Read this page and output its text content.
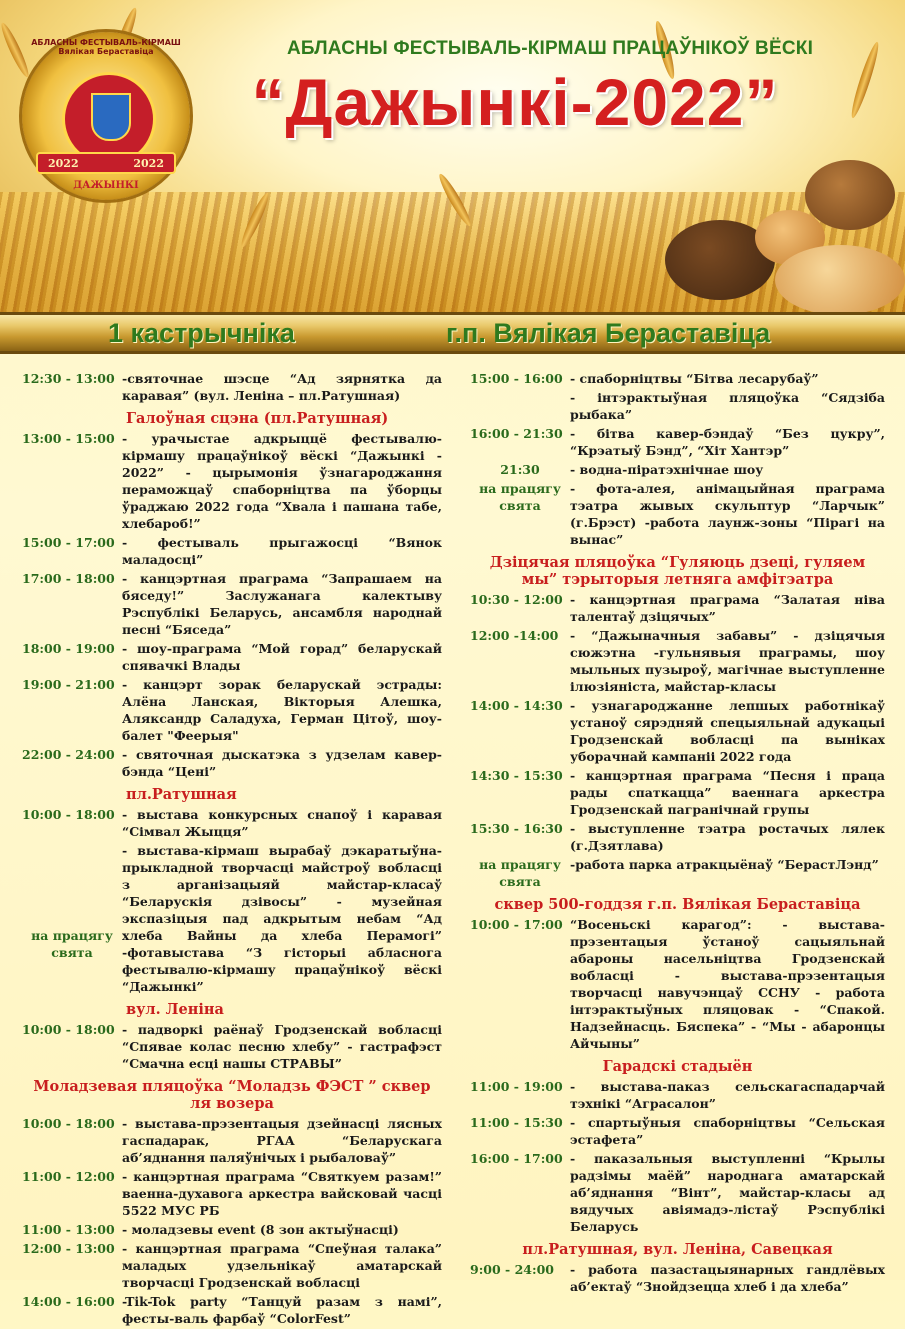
АБЛАСНЫ ФЕСТЫВАЛЬ-КІРМАШ Вялікая Бераставіца
2022	2022
ДАЖЫНКІ
АБЛАСНЫ ФЕСТЫВАЛЬ-КІРМАШ ПРАЦАЎНІКОЎ ВЁСКІ
“Дажынкі-2022”
1 кастрычніка	г.п. Вялікая Бераставіца
12:30 - 13:00 -святочнае шэсце “Ад зярнятка да каравая” (вул. Леніна – пл.Ратушная)
Галоўная сцэна (пл.Ратушная)
13:00 - 15:00 - урачыстае адкрыццё фестывалю-кірмашу працаўнікоў вёскі “Дажынкі - 2022” - цырымонія ўзнагароджання пераможцаў спаборніцтва па ўборцы ўраджаю 2022 года “Хвала і пашана табе, хлебароб!”
15:00 - 17:00 - фестываль прыгажосці “Вянок маладосці”
17:00 - 18:00 - канцэртная праграма “Запрашаем на бяседу!” Заслужанага калектыву Рэспублікі Беларусь, ансамбля народнай песні “Бяседа”
18:00 - 19:00 - шоу-праграма “Мой горад” беларускай спявачкі Влады
19:00 - 21:00 - канцэрт зорак беларускай эстрады: Алёна Ланская, Вікторыя Алешка, Аляксандр Саладуха, Герман Цітоў, шоу-балет "Феерыя"
22:00 - 24:00 - святочная дыскатэка з удзелам кавер-бэнда “Цені”
пл.Ратушная
10:00 - 18:00 - выстава конкурсных снапоў і каравая “Сімвал Жыцця”
на працягу свята
- выстава-кірмаш вырабаў дэкаратыўна-прыкладной творчасці майстроў вобласці з арганізацыяй майстар-класаў “Беларускія дзівосы” - музейная экспазіцыя пад адкрытым небам “Ад хлеба Вайны да хлеба Перамогі” -фотавыстава “З гісторыі абласнога фестывалю-кірмашу працаўнікоў вёскі “Дажынкі”
вул. Леніна
10:00 - 18:00 - падворкі раёнаў Гродзенскай вобласці “Спявае колас песню хлебу” - гастрафэст “Смачна есці нашы СТРАВЫ”
Моладзевая пляцоўка “Моладзь ФЭСТ ” сквер ля возера
10:00 - 18:00 - выстава-прэзентацыя дзейнасці лясных гаспадарак, РГАА “Беларускага аб’яднання паляўнічых і рыбаловаў”
11:00 - 12:00 - канцэртная праграма “Святкуем разам!” ваенна-духавога аркестра вайсковай часці 5522 МУС РБ
11:00 - 13:00 - моладзевы event (8 зон актыўнасці)
12:00 - 13:00 - канцэртная праграма “Спеўная талака” маладых удзельнікаў аматарскай творчасці Гродзенскай вобласці
14:00 - 16:00 -Tik-Tok party “Танцуй разам з намі”, фесты-валь фарбаў “ColorFest”
15:00 - 16:00 - спаборніцтвы “Бітва лесарубаў”
- інтэрактыўная пляцоўка “Сядзіба рыбака”
16:00 - 21:30 - бітва кавер-бэндаў “Без цукру”, “Крэатыў Бэнд”, “Хіт Хантэр”
21:30	- водна-піратэхнічнае шоу
на працягу свята
- фота-алея, анімацыйная праграма тэатра жывых скульптур “Ларчык” (г.Брэст) -работа лаунж-зоны “Пірагі на вынас”
Дзіцячая пляцоўка “Гуляюць дзеці, гуляем мы” тэрыторыя летняга амфітэатра
10:30 - 12:00 - канцэртная праграма “Залатая ніва талентаў дзіцячых”
12:00 -14:00 - “Дажыначныя забавы” - дзіцячыя сюжэтна -гульнявыя праграмы, шоу мыльных пузыроў, магічнае выступленне ілюзіяніста, майстар-класы
14:00 - 14:30 - узнагароджанне лепшых работнікаў устаноў сярэдняй спецыяльнай адукацыі Гродзенскай вобласці па выніках уборачнай кампаніі 2022 года
14:30 - 15:30 - канцэртная праграма “Песня і праца рады спаткацца” ваеннага аркестра Гродзенскай пагранічнай групы
15:30 - 16:30 - выступленне тэатра ростачых лялек (г.Дзятлава)
на працягу свята
-работа парка атракцыёнаў “БерастЛэнд”
сквер 500-годдзя г.п. Вялікая Бераставіца
10:00 - 17:00 “Восеньскі карагод”: - выстава-прэзентацыя ўстаноў сацыяльнай абароны насельніцтва Гродзенскай вобласці - выстава-прэзентацыя творчасці навучэнцаў ССНУ - работа інтэрактыўных пляцовак - “Спакой. Надзейнасць. Бяспека” - “Мы - абаронцы Айчыны”
Гарадскі стадыён
11:00 - 19:00 - выстава-паказ сельскагаспадарчай тэхнікі “Аграсалон”
11:00 - 15:30 - спартыўныя спаборніцтвы “Сельская эстафета”
16:00 - 17:00 - паказальныя выступленні “Крылы радзімы маёй” народнага аматарскай аб’яднання “Вінт”, майстар-класы ад вядучых авіямадэ-лістаў Рэспублікі Беларусь
пл.Ратушная, вул. Леніна, Савецкая
9:00 - 24:00	- работа пазастацыянарных гандлёвых аб’ектаў “Знойдзецца хлеб і да хлеба”
